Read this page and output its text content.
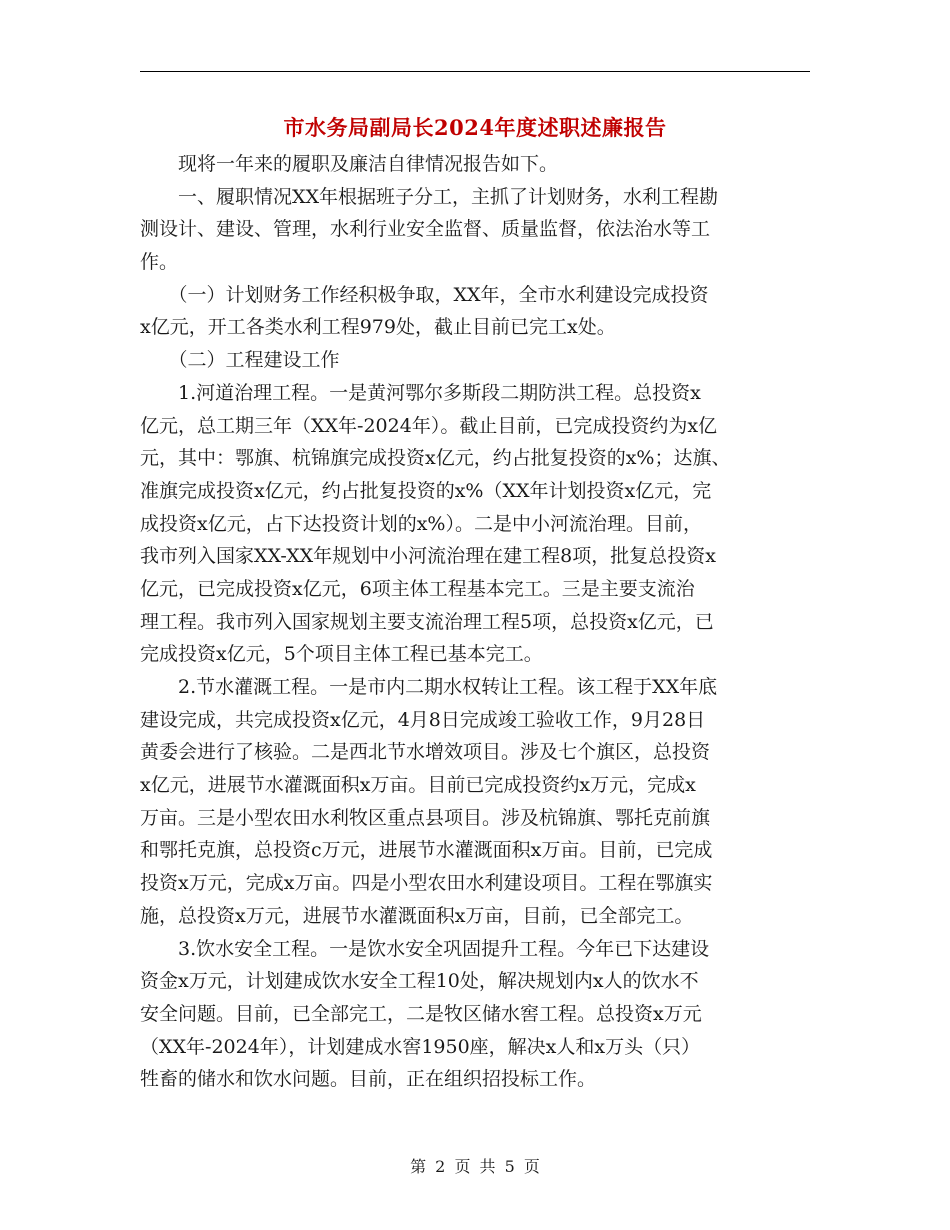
市水务局副局长2024年度述职述廉报告
　　现将一年来的履职及廉洁自律情况报告如下。
　　一、履职情况XX年根据班子分工，主抓了计划财务，水利工程勘
测设计、建设、管理，水利行业安全监督、质量监督，依法治水等工
作。
　　（一）计划财务工作经积极争取，XX年，全市水利建设完成投资
x亿元，开工各类水利工程979处，截止目前已完工x处。
　　（二）工程建设工作
　　1.河道治理工程。一是黄河鄂尔多斯段二期防洪工程。总投资x
亿元，总工期三年（XX年-2024年）。截止目前，已完成投资约为x亿
元，其中：鄂旗、杭锦旗完成投资x亿元，约占批复投资的x%；达旗、
准旗完成投资x亿元，约占批复投资的x%（XX年计划投资x亿元，完
成投资x亿元，占下达投资计划的x%）。二是中小河流治理。目前，
我市列入国家XX-XX年规划中小河流治理在建工程8项，批复总投资x
亿元，已完成投资x亿元，6项主体工程基本完工。三是主要支流治
理工程。我市列入国家规划主要支流治理工程5项，总投资x亿元，已
完成投资x亿元，5个项目主体工程已基本完工。
　　2.节水灌溉工程。一是市内二期水权转让工程。该工程于XX年底
建设完成，共完成投资x亿元，4月8日完成竣工验收工作，9月28日
黄委会进行了核验。二是西北节水增效项目。涉及七个旗区，总投资
x亿元，进展节水灌溉面积x万亩。目前已完成投资约x万元，完成x
万亩。三是小型农田水利牧区重点县项目。涉及杭锦旗、鄂托克前旗
和鄂托克旗，总投资c万元，进展节水灌溉面积x万亩。目前，已完成
投资x万元，完成x万亩。四是小型农田水利建设项目。工程在鄂旗实
施，总投资x万元，进展节水灌溉面积x万亩，目前，已全部完工。
　　3.饮水安全工程。一是饮水安全巩固提升工程。今年已下达建设
资金x万元，计划建成饮水安全工程10处，解决规划内x人的饮水不
安全问题。目前，已全部完工，二是牧区储水窖工程。总投资x万元
（XX年-2024年），计划建成水窖1950座，解决x人和x万头（只）
牲畜的储水和饮水问题。目前，正在组织招投标工作。
第 2 页 共 5 页
